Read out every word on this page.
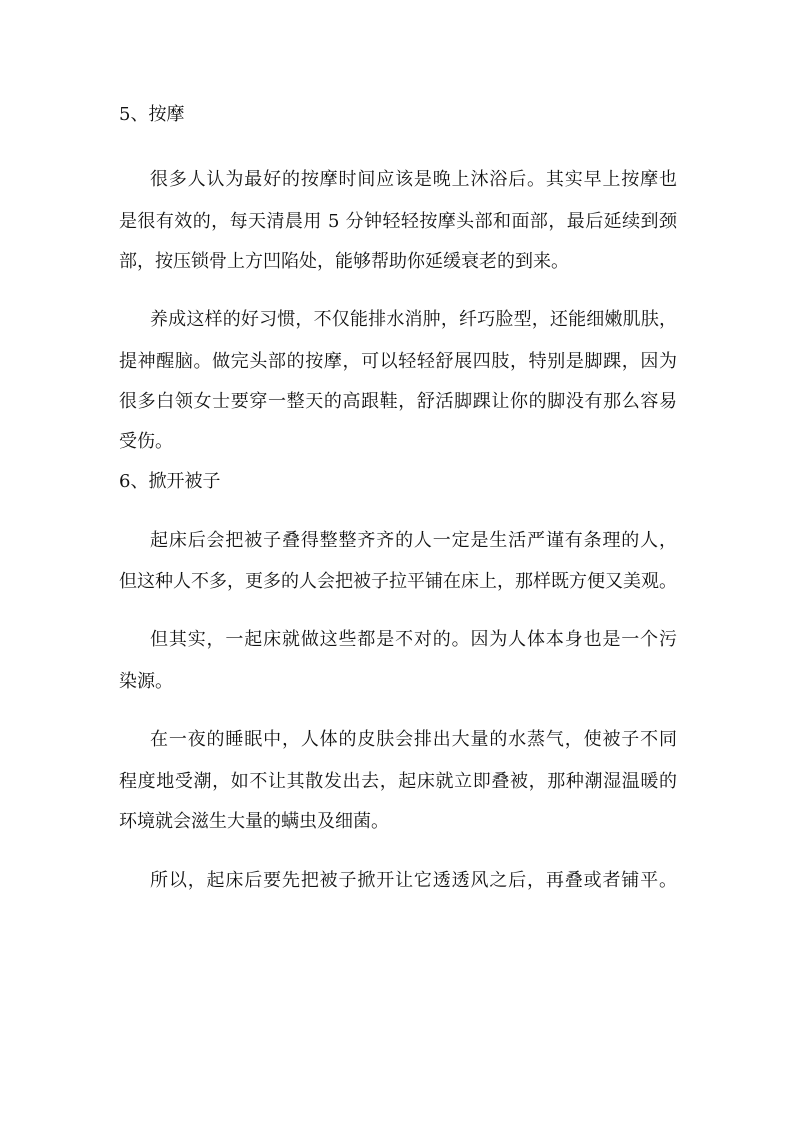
5、按摩
很多人认为最好的按摩时间应该是晚上沐浴后。其实早上按摩也
是很有效的，每天清晨用 5 分钟轻轻按摩头部和面部，最后延续到颈
部，按压锁骨上方凹陷处，能够帮助你延缓衰老的到来。
养成这样的好习惯，不仅能排水消肿，纤巧脸型，还能细嫩肌肤，
提神醒脑。做完头部的按摩，可以轻轻舒展四肢，特别是脚踝，因为
很多白领女士要穿一整天的高跟鞋，舒活脚踝让你的脚没有那么容易
受伤。
6、掀开被子
起床后会把被子叠得整整齐齐的人一定是生活严谨有条理的人，
但这种人不多，更多的人会把被子拉平铺在床上，那样既方便又美观。
但其实，一起床就做这些都是不对的。因为人体本身也是一个污
染源。
在一夜的睡眠中，人体的皮肤会排出大量的水蒸气，使被子不同
程度地受潮，如不让其散发出去，起床就立即叠被，那种潮湿温暖的
环境就会滋生大量的螨虫及细菌。
所以，起床后要先把被子掀开让它透透风之后，再叠或者铺平。
